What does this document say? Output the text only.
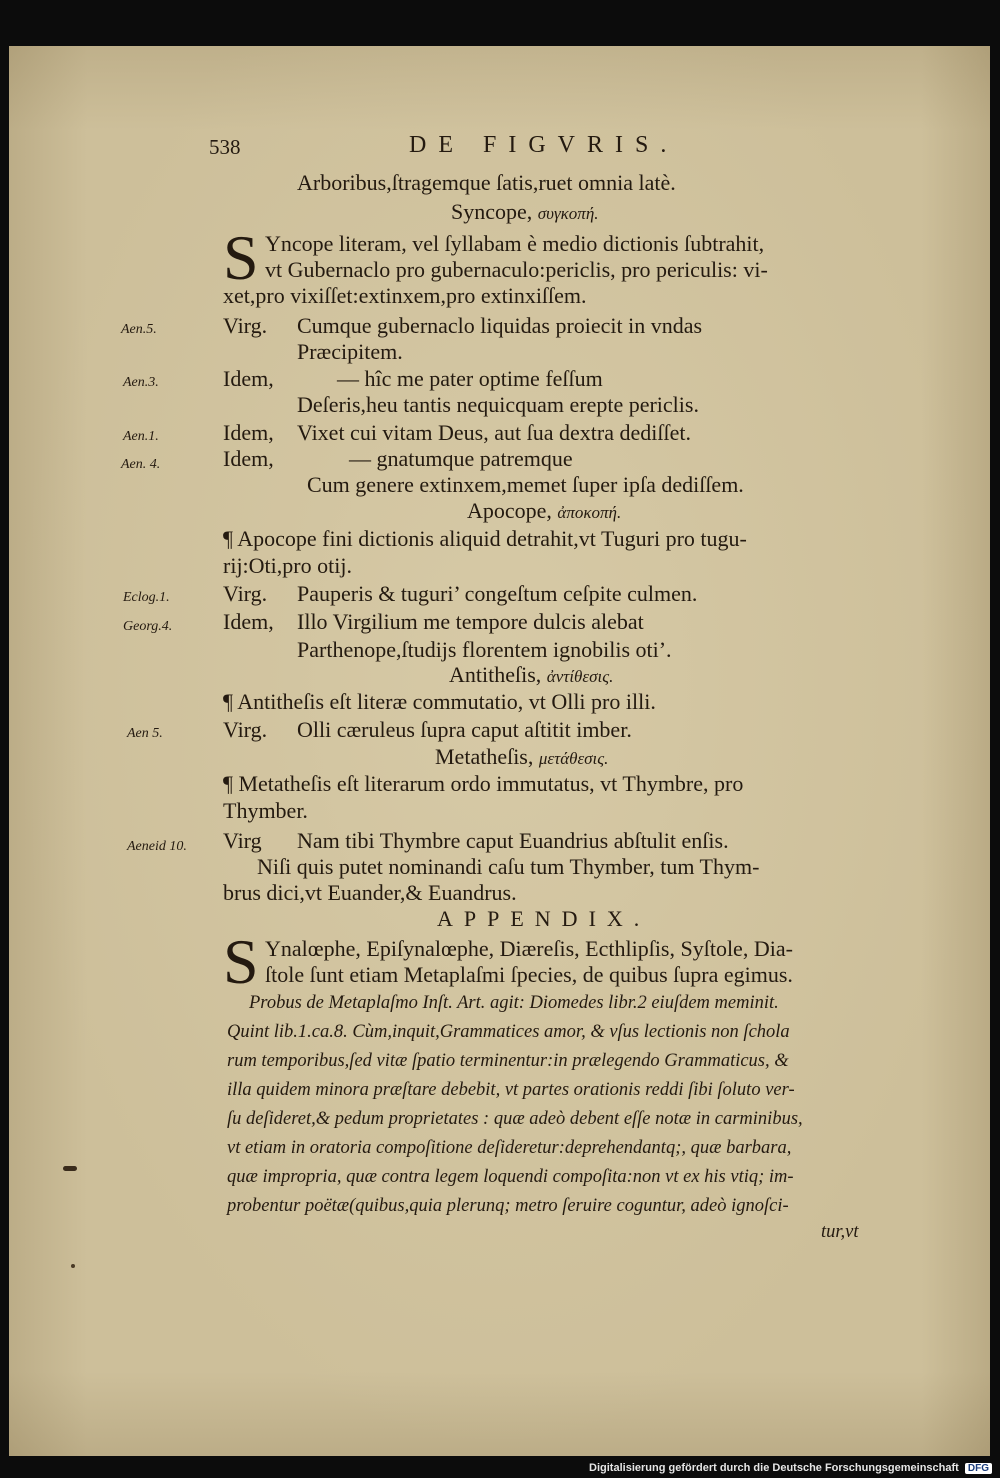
538	DE FIGVRIS.
Arboribus,ſtragemque ſatis,ruet omnia latè.
Syncope, συγκοπή.
S Yncope literam, vel ſyllabam è medio dictionis ſubtrahit,
vt Gubernaclo pro gubernaculo:periclis, pro periculis: vi-
xet,pro vixiſſet:extinxem,pro extinxiſſem.
Aen.5.	Virg. Cumque gubernaclo liquidas proiecit in vndas
Præcipitem.
Aen.3.	Idem,	— hîc me pater optime feſſum
Deſeris,heu tantis nequicquam erepte periclis.
Aen.1.	Idem, Vixet cui vitam Deus, aut ſua dextra dediſſet.
Aen. 4.	Idem,	— gnatumque patremque
Cum genere extinxem,memet ſuper ipſa dediſſem.
Apocope, ἀποκοπή.
¶ Apocope fini dictionis aliquid detrahit,vt Tuguri pro tugu-
rij:Oti,pro otij.
Eclog.1. Virg. Pauperis & tuguri’ congeſtum ceſpite culmen.
Georg.4. Idem, Illo Virgilium me tempore dulcis alebat
Parthenope,ſtudijs florentem ignobilis oti’.
Antitheſis, ἀντίθεσις.
¶ Antitheſis eſt literæ commutatio, vt Olli pro illi.
Aen 5.	Virg. Olli cæruleus ſupra caput aſtitit imber.
Metatheſis, μετάθεσις.
¶ Metatheſis eſt literarum ordo immutatus, vt Thymbre, pro
Thymber.
Aeneid 10. Virg Nam tibi Thymbre caput Euandrius abſtulit enſis.
Niſi quis putet nominandi caſu tum Thymber, tum Thym-
brus dici,vt Euander,& Euandrus.
APPENDIX.
S Ynalœphe, Epiſynalœphe, Diæreſis, Ecthlipſis, Syſtole, Dia-
ſtole ſunt etiam Metaplaſmi ſpecies, de quibus ſupra egimus.
Probus de Metaplaſmo Inſt. Art. agit: Diomedes libr.2 eiuſdem meminit.
Quint lib.1.ca.8. Cùm,inquit,Grammatices amor, & vſus lectionis non ſchola
rum temporibus,ſed vitæ ſpatio terminentur:in prælegendo Grammaticus, &
illa quidem minora præſtare debebit, vt partes orationis reddi ſibi ſoluto ver-
ſu deſideret,& pedum proprietates : quæ adeò debent eſſe notæ in carminibus,
vt etiam in oratoria compoſitione deſideretur:deprehendantq;, quæ barbara,
quæ impropria, quæ contra legem loquendi compoſita:non vt ex his vtiq; im-
probentur poëtæ(quibus,quia plerunq; metro ſeruire coguntur, adeò ignoſci-
tur,vt
Digitalisierung gefördert durch die Deutsche Forschungsgemeinschaft DFG
